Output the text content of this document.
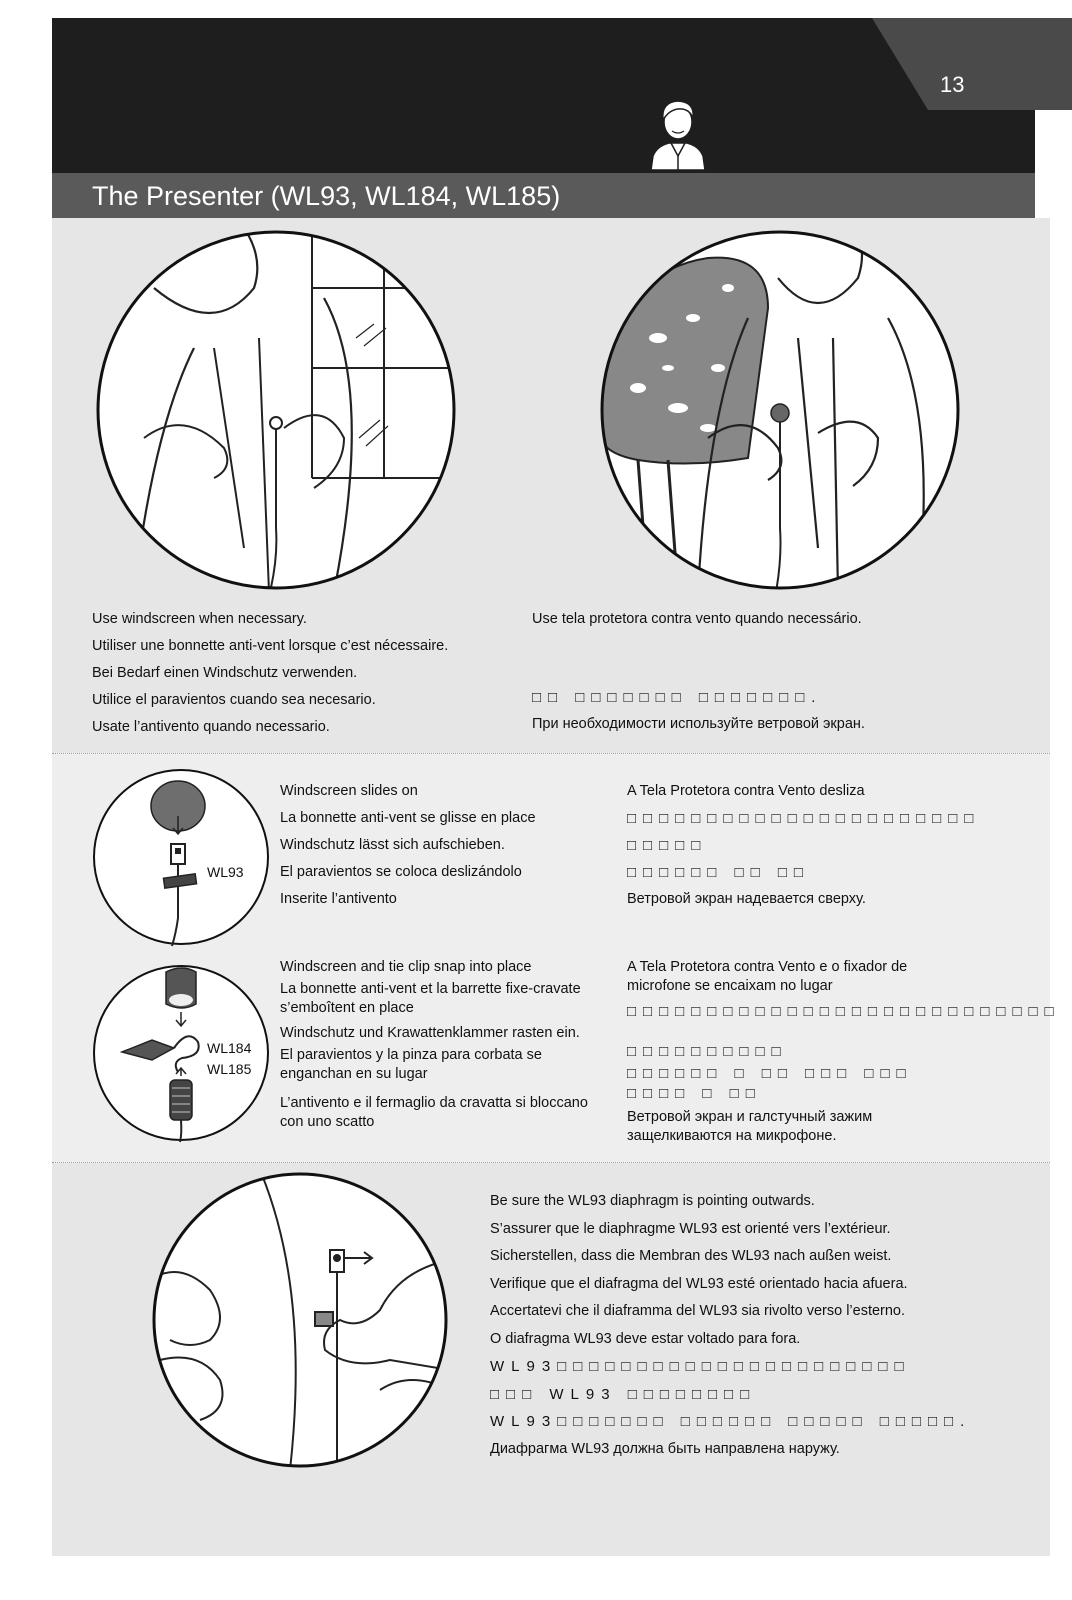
13
The Presenter (WL93, WL184, WL185)
Use windscreen when necessary.
Utiliser une bonnette anti-vent lorsque c’est nécessaire.
Bei Bedarf einen Windschutz verwenden.
Utilice el paravientos cuando sea necesario.
Usate l’antivento quando necessario.
Use tela protetora contra vento quando necessário.
□□ □□□□□□□ □□□□□□□.
При необходимости используйте ветровой экран.
WL93
Windscreen slides on
La bonnette anti-vent se glisse en place
Windschutz lässt sich aufschieben.
El paravientos se coloca deslizándolo
Inserite l’antivento
A Tela Protetora contra Vento desliza
□□□□□□□□□□□□□□□□□□□□□□
□□□□□
□□□□□□ □□ □□
Ветровой экран надевается сверху.
WL184
WL185
Windscreen and tie clip snap into place
La bonnette anti-vent et la barrette fixe-cravate s’emboîtent en place
Windschutz und Krawattenklammer rasten ein.
El paravientos y la pinza para corbata se enganchan en su lugar
L’antivento e il fermaglio da cravatta si bloccano con uno scatto
A Tela Protetora contra Vento e o fixador de microfone se encaixam no lugar
□□□□□□□□□□□□□□□□□□□□□□□□□□□
□□□□□□□□□□
□□□□□□ □ □□ □□□ □□□ □□□□ □ □□
Ветровой экран и галстучный зажим защелкиваются на микрофоне.
Be sure the WL93 diaphragm is pointing outwards.
S’assurer que le diaphragme WL93 est orienté vers l’extérieur.
Sicherstellen, dass die Membran des WL93 nach außen weist.
Verifique que el diafragma del WL93 esté orientado hacia afuera.
Accertatevi che il diaframma del WL93 sia rivolto verso l’esterno.
O diafragma WL93 deve estar voltado para fora.
WL93□□□□□□□□□□□□□□□□□□□□□□
□□□ WL93 □□□□□□□□
WL93□□□□□□□ □□□□□□ □□□□□ □□□□□.
Диафрагма WL93 должна быть направлена наружу.
